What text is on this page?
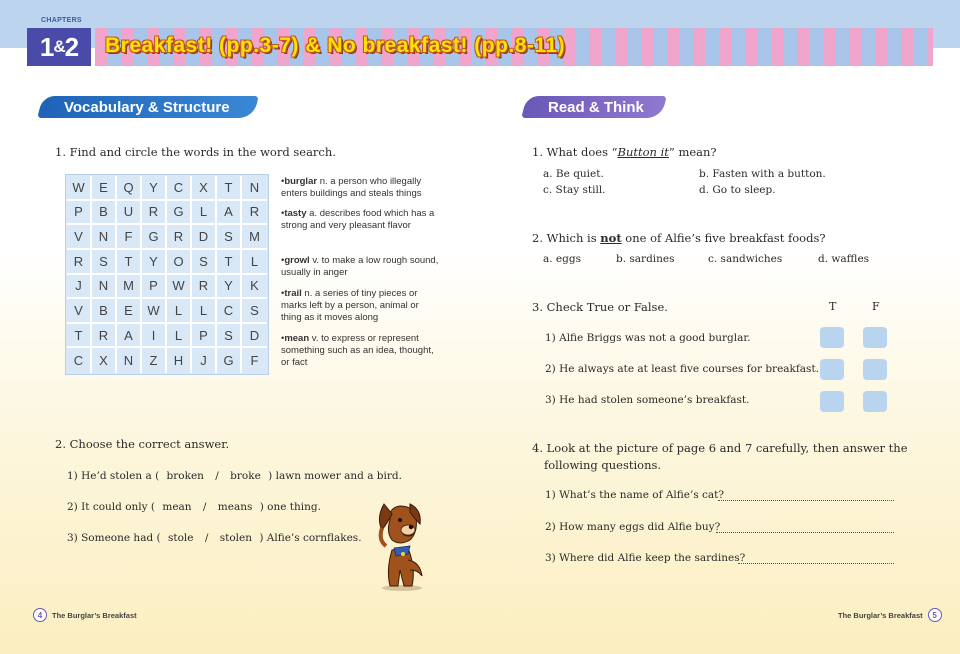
CHAPTERS
1 & 2 Breakfast! (pp.3-7) & No breakfast! (pp.8-11)
Vocabulary & Structure
1. Find and circle the words in the word search.
W	E	Q	Y	C	X	T	N
P	B	U	R	G	L	A	R
V	N	F	G	R	D	S	M
R	S	T	Y	O	S	T	L
J	N	M	P	W	R	Y	K
V	B	E	W	L	L	C	S
T	R	A	I	L	P	S	D
C	X	N	Z	H	J	G	F
•burglar n. a person who illegally enters buildings and steals things
•tasty a. describes food which has a strong and very pleasant flavor
•growl v. to make a low rough sound, usually in anger
•trail n. a series of tiny pieces or marks left by a person, animal or thing as it moves along
•mean v. to express or represent something such as an idea, thought, or fact
2. Choose the correct answer.
1) He’d stolen a ( broken / broke ) lawn mower and a bird.
2) It could only ( mean / means ) one thing.
3) Someone had ( stole / stolen ) Alfie’s cornflakes.
4	The Burglar’s Breakfast
Read & Think
1. What does “Button it” mean?
a. Be quiet.	b. Fasten with a button.
c. Stay still.	d. Go to sleep.
2. Which is not one of Alfie’s five breakfast foods?
a. eggs	b. sardines	c. sandwiches	d. waffles
3. Check True or False.	T	F
1) Alfie Briggs was not a good burglar.
2) He always ate at least five courses for breakfast.
3) He had stolen someone’s breakfast.
4. Look at the picture of page 6 and 7 carefully, then answer the
following questions.
1) What’s the name of Alfie’s cat?
2) How many eggs did Alfie buy?
3) Where did Alfie keep the sardines?
The Burglar’s Breakfast	5
